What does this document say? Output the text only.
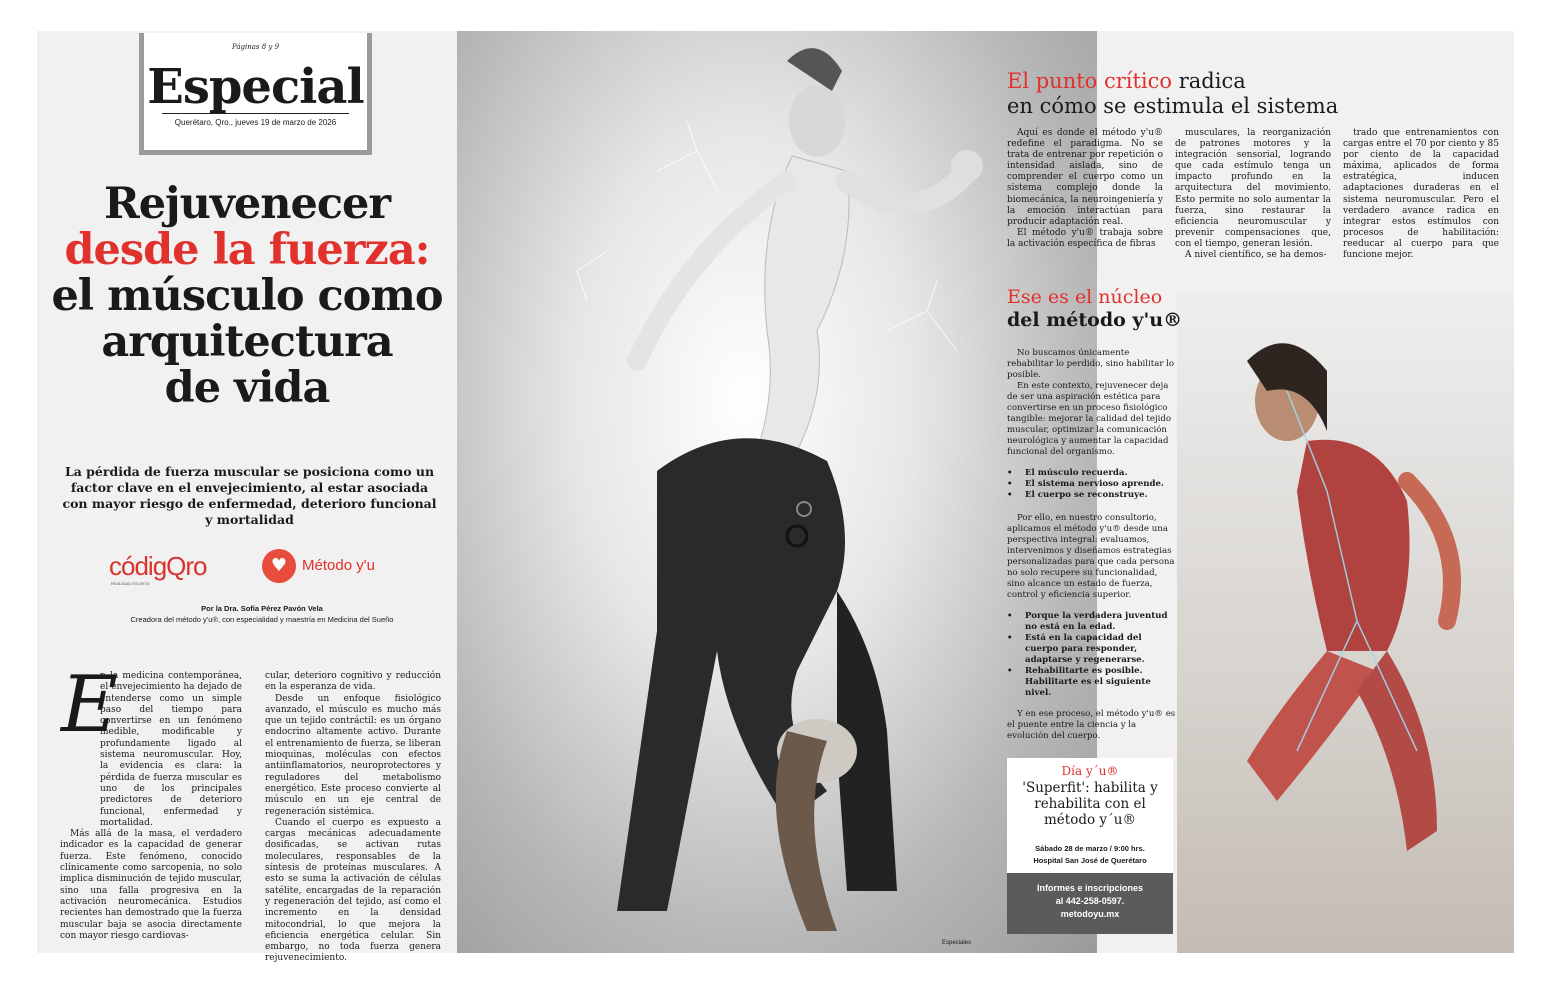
Páginas 8 y 9
Especial
Querétaro, Qro., jueves 19 de marzo de 2026
Rejuvenecer
desde la fuerza:
el músculo como
arquitectura
de vida
La pérdida de fuerza muscular se posiciona como un factor clave en el envejecimiento, al estar asociada con mayor riesgo de enfermedad, deterioro funcional y mortalidad
códigQro
REALIDAD ESCRITA
♥ Método y'u
Por la Dra. Sofía Pérez Pavón Vela
Creadora del método y'u®, con especialidad y maestría en Medicina del Sueño
E

n la medicina contemporánea, el envejecimiento ha dejado de entenderse como un simple paso del tiempo para convertirse en un fenómeno medible, modificable y profundamente ligado al sistema neuromuscular. Hoy, la evidencia es clara: la pérdida de fuerza muscular es uno de los principales predictores de deterioro funcional, enfermedad y mortalidad.

Más allá de la masa, el verdadero indicador es la capacidad de generar fuerza. Este fenómeno, conocido clínicamente como sarcopenia, no solo implica disminución de tejido muscular, sino una falla progresiva en la activación neuromecánica. Estudios recientes han demostrado que la fuerza muscular baja se asocia directamente con mayor riesgo cardiovas-

cular, deterioro cognitivo y reducción en la esperanza de vida.

Desde un enfoque fisiológico avanzado, el músculo es mucho más que un tejido contráctil: es un órgano endocrino altamente activo. Durante el entrenamiento de fuerza, se liberan mioquinas, moléculas con efectos antiinflamatorios, neuroprotectores y reguladores del metabolismo energético. Este proceso convierte al músculo en un eje central de regeneración sistémica.

Cuando el cuerpo es expuesto a cargas mecánicas adecuadamente dosificadas, se activan rutas moleculares, responsables de la síntesis de proteínas musculares. A esto se suma la activación de células satélite, encargadas de la reparación y regeneración del tejido, así como el incremento en la densidad mitocondrial, lo que mejora la eficiencia energética celular. Sin embargo, no toda fuerza genera rejuvenecimiento.

Especiales
El punto crítico radica
en cómo se estimula el sistema

Aquí es donde el método y'u® redefine el paradigma. No se trata de entrenar por repetición o intensidad aislada, sino de comprender el cuerpo como un sistema complejo donde la biomecánica, la neuroingeniería y la emoción interactúan para producir adaptación real.

El método y'u® trabaja sobre la activación específica de fibras

musculares, la reorganización de patrones motores y la integración sensorial, logrando que cada estímulo tenga un impacto profundo en la arquitectura del movimiento. Esto permite no solo aumentar la fuerza, sino restaurar la eficiencia neuromuscular y prevenir compensaciones que, con el tiempo, generan lesión.

A nivel científico, se ha demos-

trado que entrenamientos con cargas entre el 70 por ciento y 85 por ciento de la capacidad máxima, aplicados de forma estratégica, inducen adaptaciones duraderas en el sistema neuromuscular. Pero el verdadero avance radica en integrar estos estímulos con procesos de habilitación: reeducar al cuerpo para que funcione mejor.

Ese es el núcleo
del método y'u®

No buscamos únicamente rehabilitar lo perdido, sino habilitar lo posible.

En este contexto, rejuvenecer deja de ser una aspiración estética para convertirse en un proceso fisiológico tangible: mejorar la calidad del tejido muscular, optimizar la comunicación neurológica y aumentar la capacidad funcional del organismo.

• El músculo recuerda.
• El sistema nervioso aprende.
• El cuerpo se reconstruye.

Por ello, en nuestro consultorio, aplicamos el método y'u® desde una perspectiva integral: evaluamos, intervenimos y diseñamos estrategias personalizadas para que cada persona no solo recupere su funcionalidad, sino alcance un estado de fuerza, control y eficiencia superior.

• Porque la verdadera juventud no está en la edad.
• Está en la capacidad del cuerpo para responder, adaptarse y regenerarse.
• Rehabilitarte es posible. Habilitarte es el siguiente nivel.

Y en ese proceso, el método y'u® es el puente entre la ciencia y la evolución del cuerpo.

Día y´u®
'Superfit': habilita y rehabilita con el método y´u®
Sábado 28 de marzo / 9:00 hrs.
Hospital San José de Querétaro
Informes e inscripciones
al 442-258-0597.
metodoyu.mx
